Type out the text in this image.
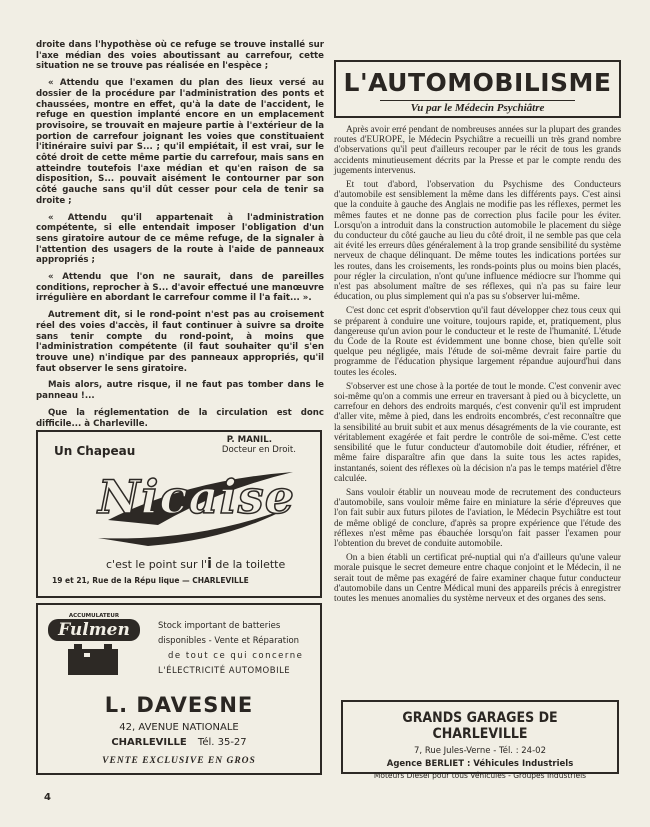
droite dans l'hypothèse où ce refuge se trouve installé sur l'axe médian des voies aboutissant au carrefour, cette situation ne se trouve pas réalisée en l'espèce ;

« Attendu que l'examen du plan des lieux versé au dossier de la procédure par l'administration des ponts et chaussées, montre en effet, qu'à la date de l'accident, le refuge en question implanté encore en un emplacement provisoire, se trouvait en majeure partie à l'extérieur de la portion de carrefour joignant les voies que constituaient l'itinéraire suivi par S... ; qu'il empiétait, il est vrai, sur le côté droit de cette même partie du carrefour, mais sans en atteindre toutefois l'axe médian et qu'en raison de sa disposition, S... pouvait aisément le contourner par son côté gauche sans qu'il dût cesser pour cela de tenir sa droite ;

« Attendu qu'il appartenait à l'administration compétente, si elle entendait imposer l'obligation d'un sens giratoire autour de ce même refuge, de la signaler à l'attention des usagers de la route à l'aide de panneaux appropriés ;

« Attendu que l'on ne saurait, dans de pareilles conditions, reprocher à S... d'avoir effectué une manœuvre irrégulière en abordant le carrefour comme il l'a fait... ».

Autrement dit, si le rond-point n'est pas au croisement réel des voies d'accès, il faut continuer à suivre sa droite sans tenir compte du rond-point, à moins que l'administration compétente (il faut souhaiter qu'il s'en trouve une) n'indique par des panneaux appropriés, qu'il faut observer le sens giratoire.

Mais alors, autre risque, il ne faut pas tomber dans le panneau !...

Que la réglementation de la circulation est donc difficile... à Charleville.

P. MANIL.

Docteur en Droit.

L'AUTOMOBILISME
Vu par le Médecin Psychiâtre

Après avoir erré pendant de nombreuses années sur la plupart des grandes routes d'EUROPE, le Médecin Psychiâtre a recueilli un très grand nombre d'observations qu'il peut d'ailleurs recouper par le récit de tous les grands accidents minutieusement décrits par la Presse et par le compte rendu des jugements intervenus.

Et tout d'abord, l'observation du Psychisme des Conducteurs d'automobile est sensiblement la même dans les différents pays. C'est ainsi que la conduite à gauche des Anglais ne modifie pas les réflexes, permet les mêmes fautes et ne donne pas de correction plus facile pour les éviter. Lorsqu'on a introduit dans la construction automobile le placement du siège du conducteur du côté gauche au lieu du côté droit, il ne semble pas que cela ait évité les erreurs dûes généralement à la trop grande sensibilité du système nerveux de chaque délinquant. De même toutes les indications portées sur les routes, dans les croisements, les ronds-points plus ou moins bien placés, pour régler la circulation, n'ont qu'une influence médiocre sur l'homme qui n'est pas absolument maître de ses réflexes, qui n'a pas su faire leur éducation, ou plus simplement qui n'a pas su s'observer lui-même.

C'est donc cet esprit d'observtion qu'il faut développer chez tous ceux qui se préparent à conduire une voiture, toujours rapide, et, pratiquement, plus dangereuse qu'un avion pour le conducteur et le reste de l'humanité. L'étude du Code de la Route est évidemment une bonne chose, bien qu'elle soit quelque peu négligée, mais l'étude de soi-même devrait faire partie du programme de l'éducation physique largement répandue aujourd'hui dans toutes les écoles.

S'observer est une chose à la portée de tout le monde. C'est convenir avec soi-même qu'on a commis une erreur en traversant à pied ou à bicyclette, un carrefour en dehors des endroits marqués, c'est convenir qu'il est imprudent d'aller vite, même à pied, dans les endroits encombrés, c'est reconnaître que la sensibilité au bruit subit et aux menus désagréments de la vie courante, est véritablement exagérée et fait perdre le contrôle de soi-même. C'est cette sensibilité que le futur conducteur d'automobile doit étudier, réfréner, et même faire disparaître afin que dans la suite tous les actes rapides, instantanés, soient des réflexes où la décision n'a pas le temps matériel d'être calculée.

Sans vouloir établir un nouveau mode de recrutement des conducteurs d'automobile, sans vouloir même faire en miniature la série d'épreuves que l'on fait subir aux futurs pilotes de l'aviation, le Médecin Psychiâtre est tout de même obligé de conclure, d'après sa propre expérience que l'étude des réflexes n'est même pas ébauchée lorsqu'on fait passer l'examen pour l'obtention du brevet de conduite automobile.

On a bien établi un certificat pré-nuptial qui n'a d'ailleurs qu'une valeur morale puisque le secret demeure entre chaque conjoint et le Médecin, il ne serait tout de même pas exagéré de faire examiner chaque futur conducteur d'automobile dans un Centre Médical muni des appareils précis à enregistrer toutes les menues anomalies du système nerveux et des organes des sens.

Un Chapeau
Nicaise
c'est le point sur l'i de la toilette
19 et 21, Rue de la Répu lique — CHARLEVILLE
ACCUMULATEUR
Fulmen	Stock important de batteries
disponibles - Vente et Réparation
de tout ce qui concerne
L'ÉLECTRICITÉ AUTOMOBILE
L. DAVESNE
42, AVENUE NATIONALE
CHARLEVILLE Tél. 35-27
VENTE EXCLUSIVE EN GROS
GRANDS GARAGES DE CHARLEVILLE
7, Rue Jules-Verne - Tél. : 24-02
Agence BERLIET : Véhicules Industriels
Moteurs Diesel pour tous Véhicules - Groupes Industriels
4
